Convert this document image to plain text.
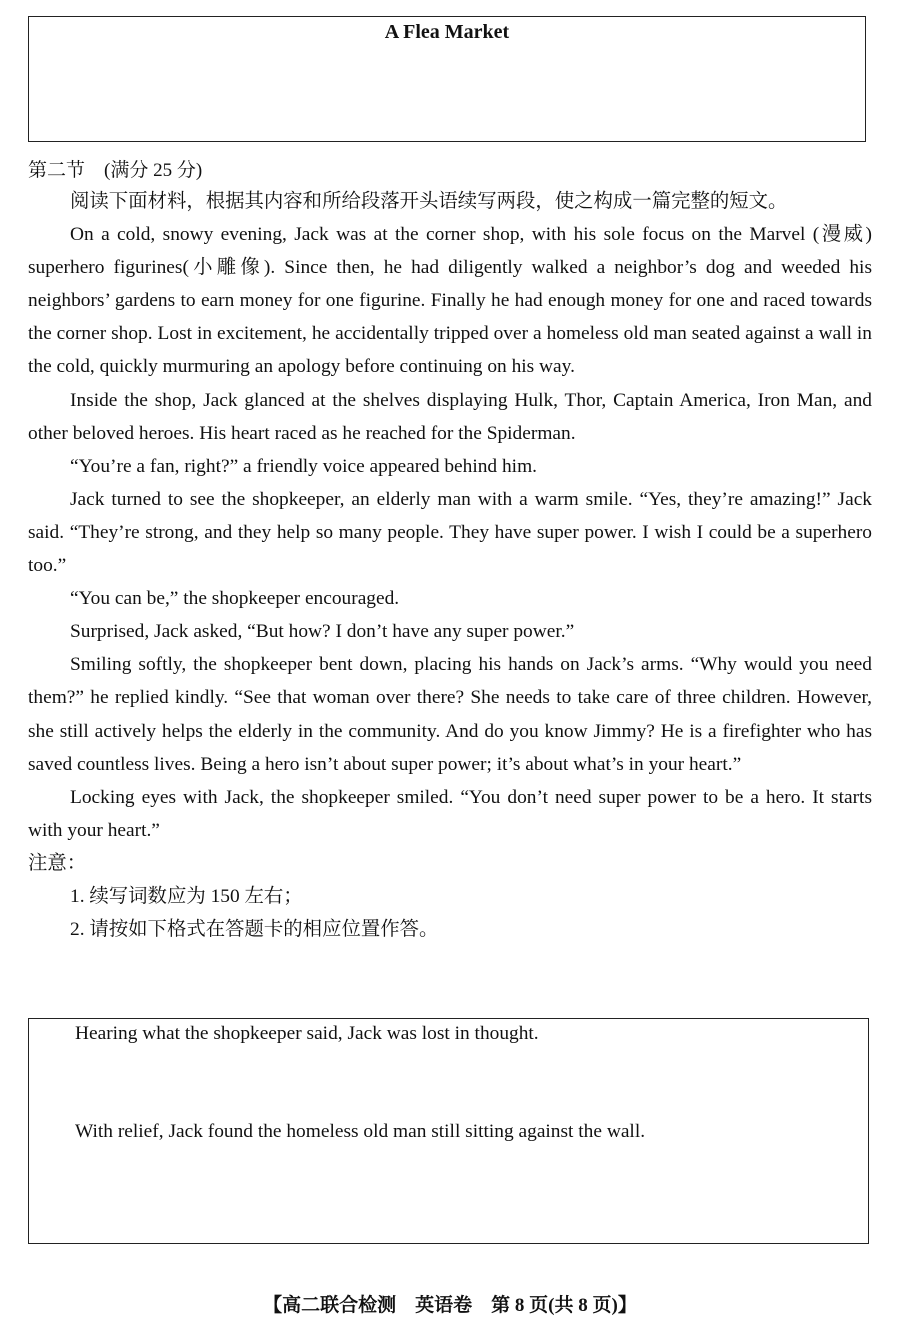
A Flea Market
第二节　(满分 25 分)

阅读下面材料，根据其内容和所给段落开头语续写两段，使之构成一篇完整的短文。

On a cold, snowy evening, Jack was at the corner shop, with his sole focus on the Marvel (漫威) superhero figurines(小雕像). Since then, he had diligently walked a neighbor’s dog and weeded his neighbors’ gardens to earn money for one figurine. Finally he had enough money for one and raced towards the corner shop. Lost in excitement, he accidentally tripped over a homeless old man seated against a wall in the cold, quickly murmuring an apology before continuing on his way.

Inside the shop, Jack glanced at the shelves displaying Hulk, Thor, Captain America, Iron Man, and other beloved heroes. His heart raced as he reached for the Spiderman.

“You’re a fan, right?” a friendly voice appeared behind him.

Jack turned to see the shopkeeper, an elderly man with a warm smile. “Yes, they’re amazing!” Jack said. “They’re strong, and they help so many people. They have super power. I wish I could be a superhero too.”

“You can be,” the shopkeeper encouraged.

Surprised, Jack asked, “But how? I don’t have any super power.”

Smiling softly, the shopkeeper bent down, placing his hands on Jack’s arms. “Why would you need them?” he replied kindly. “See that woman over there? She needs to take care of three children. However, she still actively helps the elderly in the community. And do you know Jimmy? He is a firefighter who has saved countless lives. Being a hero isn’t about super power; it’s about what’s in your heart.”

Locking eyes with Jack, the shopkeeper smiled. “You don’t need super power to be a hero. It starts with your heart.”

注意：

1. 续写词数应为 150 左右；

2. 请按如下格式在答题卡的相应位置作答。

Hearing what the shopkeeper said, Jack was lost in thought.
With relief, Jack found the homeless old man still sitting against the wall.
【高二联合检测　英语卷　第 8 页(共 8 页)】
